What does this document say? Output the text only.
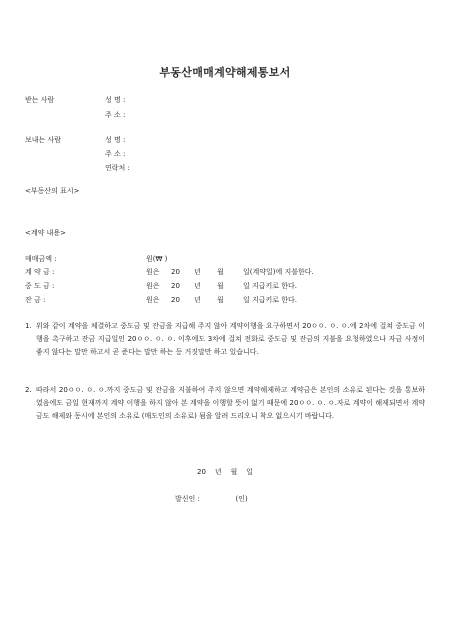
부동산매매계약해제통보서
받는 사람	성 명 :
주 소 :
보내는 사람	성 명 :
주 소 :
연락처 :
<부동산의 표시>
<계약 내용>
매매금액 :	원(₩ )
계 약 금 :	원은 20 년 월	일(계약일)에 지불한다.
중 도 금 :	원은 20 년 월	일 지급키로 한다.
잔 금 :	원은 20 년 월	일 지급키로 한다.
1. 위와 같이 계약을 체결하고 중도금 및 잔금을 지급해 주지 않아 계약이행을 요구하면서 20ㅇㅇ. ㅇ. ㅇ.에 2차에 걸쳐 중도금 이행을 촉구하고 잔금 지급일인 20ㅇㅇ. ㅇ. ㅇ. 이후에도 3차에 걸쳐 전화로 중도금 및 잔금의 지불을 요청하였으나 자금 사정이 좋지 않다는 말만 하고서 곧 준다는 말만 하는 등 거짓말만 하고 있습니다.
2. 따라서 20ㅇㅇ. ㅇ. ㅇ.까지 중도금 및 잔금을 지불하여 주지 않으면 계약해제하고 계약금은 본인의 소유로 된다는 것을 통보하였음에도 금일 현재까지 계약 이행을 하지 않아 본 계약을 이행할 뜻이 없기 때문에 20ㅇㅇ. ㅇ. ㅇ.자로 계약이 해제되면서 계약금도 해제와 동시에 본인의 소유로 (매도인의 소유로) 됨을 알려 드리오니 착오 없으시기 바랍니다.
20    년    월    일
발신인 :                (인)
